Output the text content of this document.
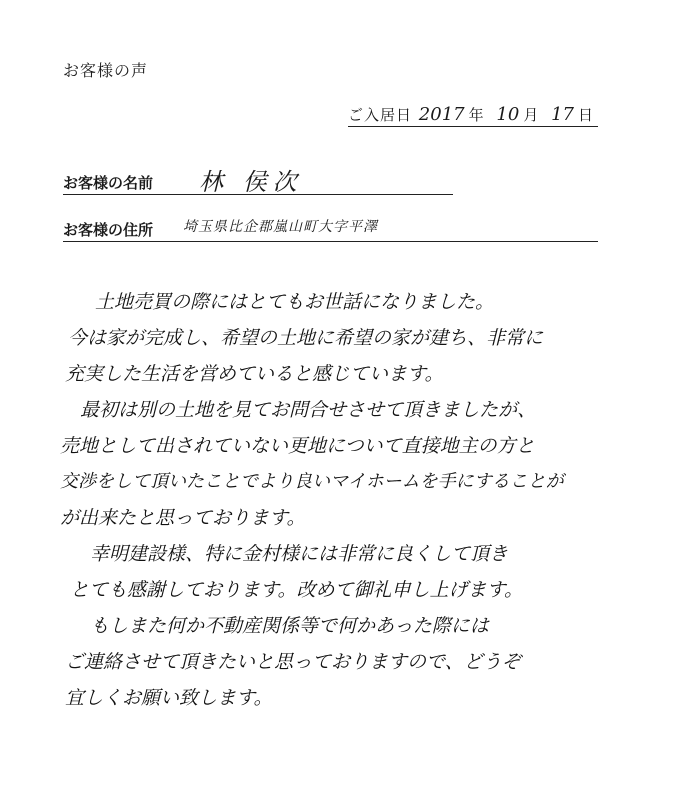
お客様の声
ご入居日 2017 年 10 月 17 日
お客様の名前 林 侯次
お客様の住所 埼玉県比企郡嵐山町大字平澤
土地売買の際にはとてもお世話になりました。
今は家が完成し、希望の土地に希望の家が建ち、非常に
充実した生活を営めていると感じています。
最初は別の土地を見てお問合せさせて頂きましたが、
売地として出されていない更地について直接地主の方と
交渉をして頂いたことでより良いマイホームを手にすることが
が出来たと思っております。
幸明建設様、特に金村様には非常に良くして頂き
とても感謝しております。改めて御礼申し上げます。
もしまた何か不動産関係等で何かあった際には
ご連絡させて頂きたいと思っておりますので、どうぞ
宜しくお願い致します。
